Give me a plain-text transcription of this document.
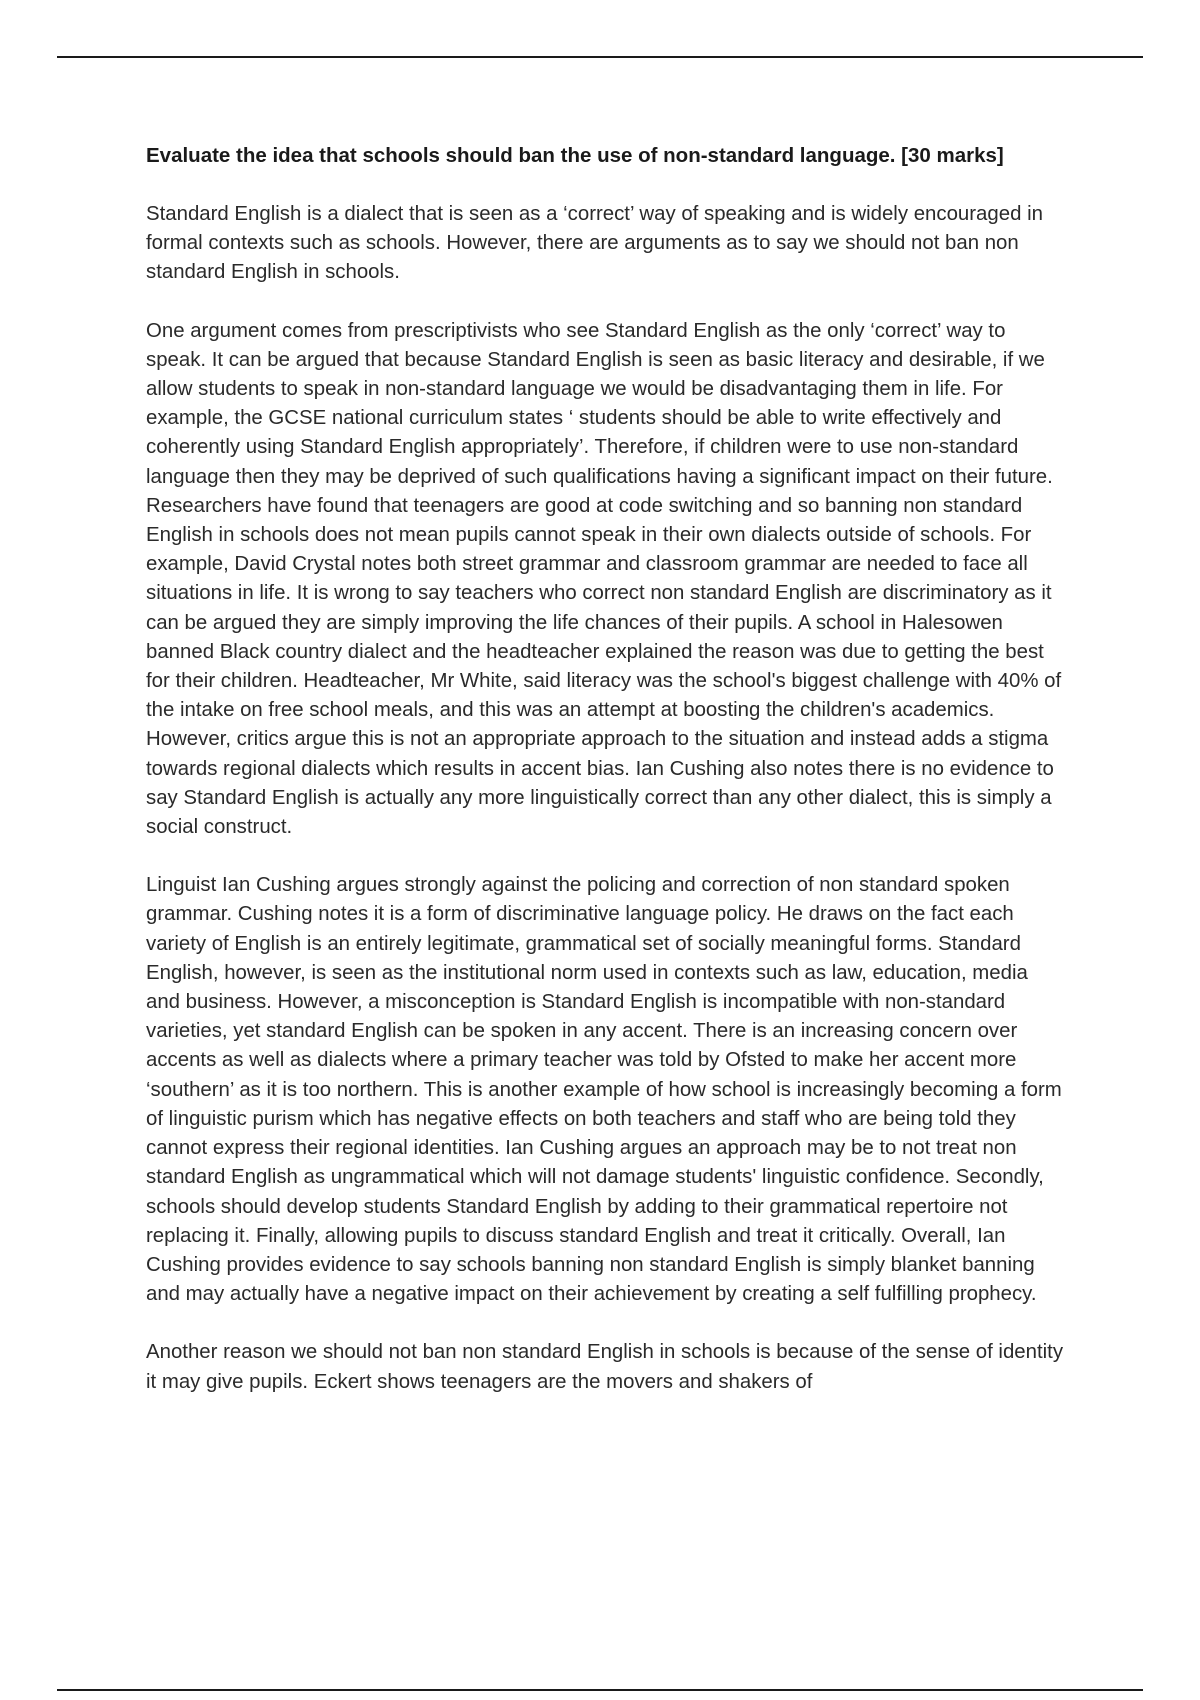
Evaluate the idea that schools should ban the use of non-standard language. [30 marks]

Standard English is a dialect that is seen as a ‘correct’ way of speaking and is widely encouraged in formal contexts such as schools. However, there are arguments as to say we should not ban non standard English in schools.

One argument comes from prescriptivists who see Standard English as the only ‘correct’ way to speak. It can be argued that because Standard English is seen as basic literacy and desirable, if we allow students to speak in non-standard language we would be disadvantaging them in life. For example, the GCSE national curriculum states ‘ students should be able to write effectively and coherently using Standard English appropriately’. Therefore, if children were to use non-standard language then they may be deprived of such qualifications having a significant impact on their future. Researchers have found that teenagers are good at code switching and so banning non standard English in schools does not mean pupils cannot speak in their own dialects outside of schools. For example, David Crystal notes both street grammar and classroom grammar are needed to face all situations in life. It is wrong to say teachers who correct non standard English are discriminatory as it can be argued they are simply improving the life chances of their pupils. A school in Halesowen banned Black country dialect and the headteacher explained the reason was due to getting the best for their children. Headteacher, Mr White, said literacy was the school's biggest challenge with 40% of the intake on free school meals, and this was an attempt at boosting the children's academics. However, critics argue this is not an appropriate approach to the situation and instead adds a stigma towards regional dialects which results in accent bias. Ian Cushing also notes there is no evidence to say Standard English is actually any more linguistically correct than any other dialect, this is simply a social construct.

Linguist Ian Cushing argues strongly against the policing and correction of non standard spoken grammar. Cushing notes it is a form of discriminative language policy. He draws on the fact each variety of English is an entirely legitimate, grammatical set of socially meaningful forms. Standard English, however, is seen as the institutional norm used in contexts such as law, education, media and business. However, a misconception is Standard English is incompatible with non-standard varieties, yet standard English can be spoken in any accent. There is an increasing concern over accents as well as dialects where a primary teacher was told by Ofsted to make her accent more ‘southern’ as it is too northern. This is another example of how school is increasingly becoming a form of linguistic purism which has negative effects on both teachers and staff who are being told they cannot express their regional identities. Ian Cushing argues an approach may be to not treat non standard English as ungrammatical which will not damage students' linguistic confidence. Secondly, schools should develop students Standard English by adding to their grammatical repertoire not replacing it. Finally, allowing pupils to discuss standard English and treat it critically. Overall, Ian Cushing provides evidence to say schools banning non standard English is simply blanket banning and may actually have a negative impact on their achievement by creating a self fulfilling prophecy.

Another reason we should not ban non standard English in schools is because of the sense of identity it may give pupils. Eckert shows teenagers are the movers and shakers of
